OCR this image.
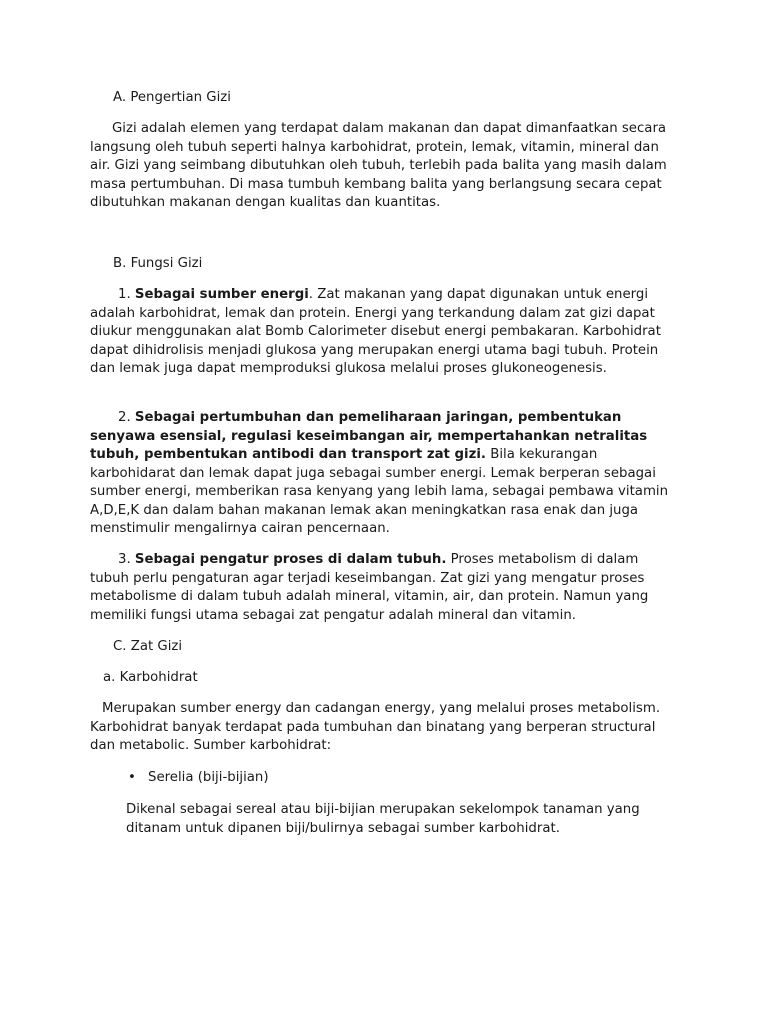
A. Pengertian Gizi

Gizi adalah elemen yang terdapat dalam makanan dan dapat dimanfaatkan secara langsung oleh tubuh seperti halnya karbohidrat, protein, lemak, vitamin, mineral dan air. Gizi yang seimbang dibutuhkan oleh tubuh, terlebih pada balita yang masih dalam masa pertumbuhan. Di masa tumbuh kembang balita yang berlangsung secara cepat dibutuhkan makanan dengan kualitas dan kuantitas.

B. Fungsi Gizi

1. Sebagai sumber energi. Zat makanan yang dapat digunakan untuk energi adalah karbohidrat, lemak dan protein. Energi yang terkandung dalam zat gizi dapat diukur menggunakan alat Bomb Calorimeter disebut energi pembakaran. Karbohidrat dapat dihidrolisis menjadi glukosa yang merupakan energi utama bagi tubuh. Protein dan lemak juga dapat memproduksi glukosa melalui proses glukoneogenesis.

2. Sebagai pertumbuhan dan pemeliharaan jaringan, pembentukan senyawa esensial, regulasi keseimbangan air, mempertahankan netralitas tubuh, pembentukan antibodi dan transport zat gizi. Bila kekurangan karbohidarat dan lemak dapat juga sebagai sumber energi. Lemak berperan sebagai sumber energi, memberikan rasa kenyang yang lebih lama, sebagai pembawa vitamin A,D,E,K dan dalam bahan makanan lemak akan meningkatkan rasa enak dan juga menstimulir mengalirnya cairan pencernaan.

3. Sebagai pengatur proses di dalam tubuh. Proses metabolism di dalam tubuh perlu pengaturan agar terjadi keseimbangan. Zat gizi yang mengatur proses metabolisme di dalam tubuh adalah mineral, vitamin, air, dan protein. Namun yang memiliki fungsi utama sebagai zat pengatur adalah mineral dan vitamin.

C. Zat Gizi

a. Karbohidrat

Merupakan sumber energy dan cadangan energy, yang melalui proses metabolism. Karbohidrat banyak terdapat pada tumbuhan dan binatang yang berperan structural dan metabolic. Sumber karbohidrat:

• Serelia (biji-bijian)

Dikenal sebagai sereal atau biji-bijian merupakan sekelompok tanaman yang ditanam untuk dipanen biji/bulirnya sebagai sumber karbohidrat.
